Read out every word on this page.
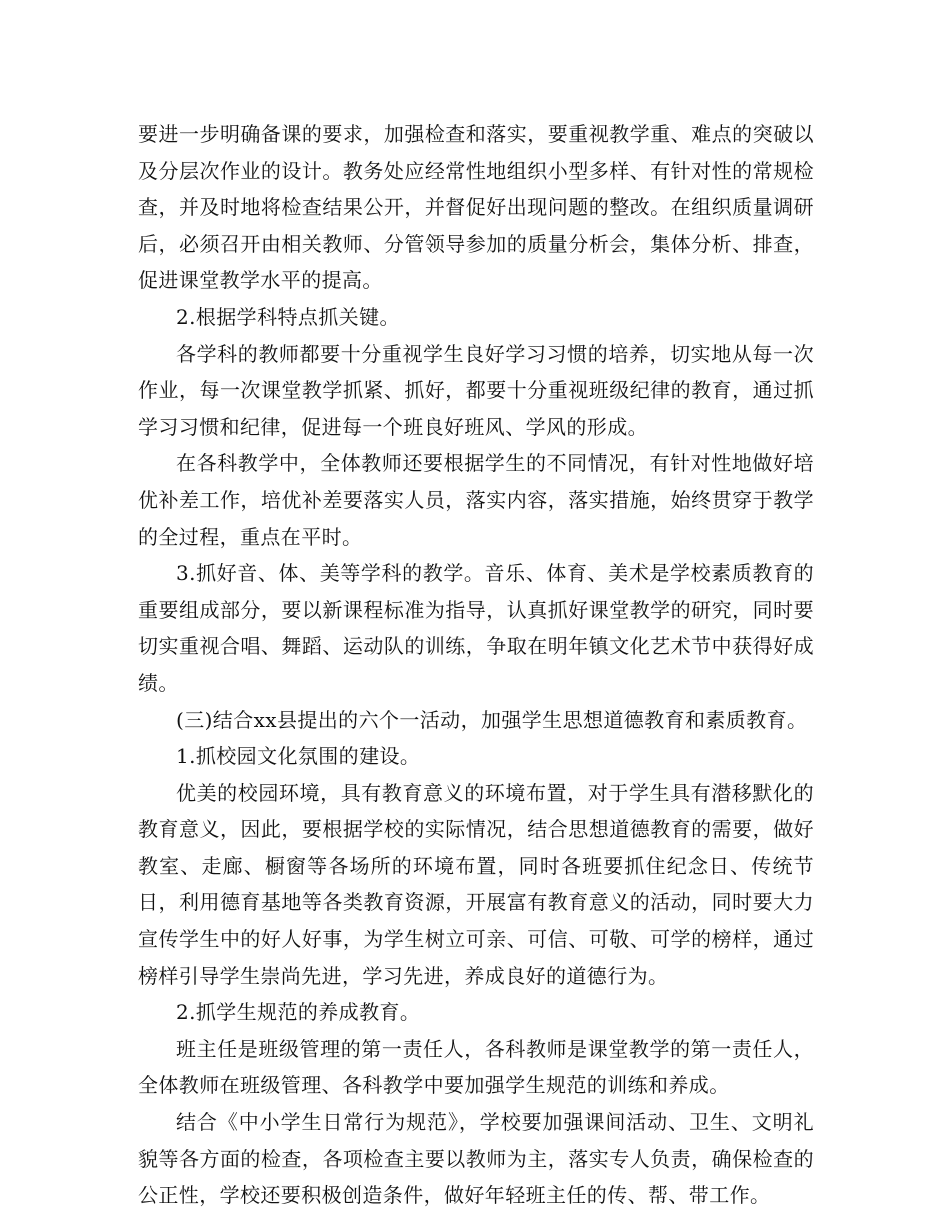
要进一步明确备课的要求，加强检查和落实，要重视教学重、难点的突破以及分层次作业的设计。教务处应经常性地组织小型多样、有针对性的常规检查，并及时地将检查结果公开，并督促好出现问题的整改。在组织质量调研后，必须召开由相关教师、分管领导参加的质量分析会，集体分析、排查，促进课堂教学水平的提高。

2.根据学科特点抓关键。

各学科的教师都要十分重视学生良好学习习惯的培养，切实地从每一次作业，每一次课堂教学抓紧、抓好，都要十分重视班级纪律的教育，通过抓学习习惯和纪律，促进每一个班良好班风、学风的形成。

在各科教学中，全体教师还要根据学生的不同情况，有针对性地做好培优补差工作，培优补差要落实人员，落实内容，落实措施，始终贯穿于教学的全过程，重点在平时。

3.抓好音、体、美等学科的教学。音乐、体育、美术是学校素质教育的重要组成部分，要以新课程标准为指导，认真抓好课堂教学的研究，同时要切实重视合唱、舞蹈、运动队的训练，争取在明年镇文化艺术节中获得好成绩。

(三)结合xx县提出的六个一活动，加强学生思想道德教育和素质教育。

1.抓校园文化氛围的建设。

优美的校园环境，具有教育意义的环境布置，对于学生具有潜移默化的教育意义，因此，要根据学校的实际情况，结合思想道德教育的需要，做好教室、走廊、橱窗等各场所的环境布置，同时各班要抓住纪念日、传统节日，利用德育基地等各类教育资源，开展富有教育意义的活动，同时要大力宣传学生中的好人好事，为学生树立可亲、可信、可敬、可学的榜样，通过榜样引导学生崇尚先进，学习先进，养成良好的道德行为。

2.抓学生规范的养成教育。

班主任是班级管理的第一责任人，各科教师是课堂教学的第一责任人，全体教师在班级管理、各科教学中要加强学生规范的训练和养成。

结合《中小学生日常行为规范》，学校要加强课间活动、卫生、文明礼貌等各方面的检查，各项检查主要以教师为主，落实专人负责，确保检查的公正性，学校还要积极创造条件，做好年轻班主任的传、帮、带工作。
